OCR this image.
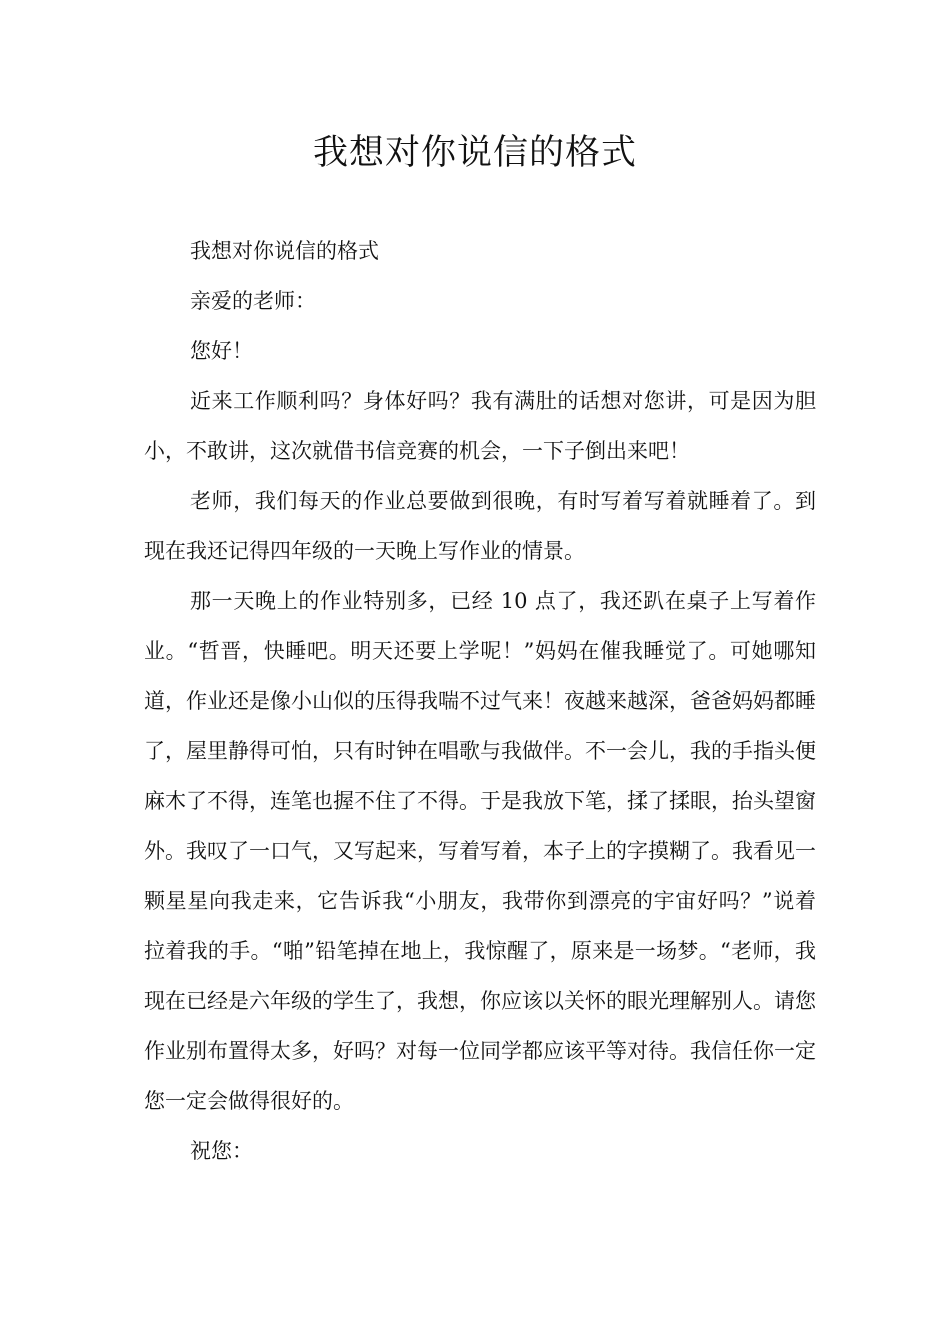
我想对你说信的格式

我想对你说信的格式

亲爱的老师：

您好！

近来工作顺利吗？身体好吗？我有满肚的话想对您讲，可是因为胆小，不敢讲，这次就借书信竞赛的机会，一下子倒出来吧！

老师，我们每天的作业总要做到很晚，有时写着写着就睡着了。到现在我还记得四年级的一天晚上写作业的情景。

那一天晚上的作业特别多，已经 10 点了，我还趴在桌子上写着作业。“哲晋，快睡吧。明天还要上学呢！”妈妈在催我睡觉了。可她哪知道，作业还是像小山似的压得我喘不过气来！夜越来越深，爸爸妈妈都睡了，屋里静得可怕，只有时钟在唱歌与我做伴。不一会儿，我的手指头便麻木了不得，连笔也握不住了不得。于是我放下笔，揉了揉眼，抬头望窗外。我叹了一口气，又写起来，写着写着，本子上的字摸糊了。我看见一颗星星向我走来，它告诉我“小朋友，我带你到漂亮的宇宙好吗？”说着拉着我的手。“啪”铅笔掉在地上，我惊醒了，原来是一场梦。“老师，我现在已经是六年级的学生了，我想，你应该以关怀的眼光理解别人。请您作业别布置得太多，好吗？对每一位同学都应该平等对待。我信任你一定您一定会做得很好的。

祝您：
